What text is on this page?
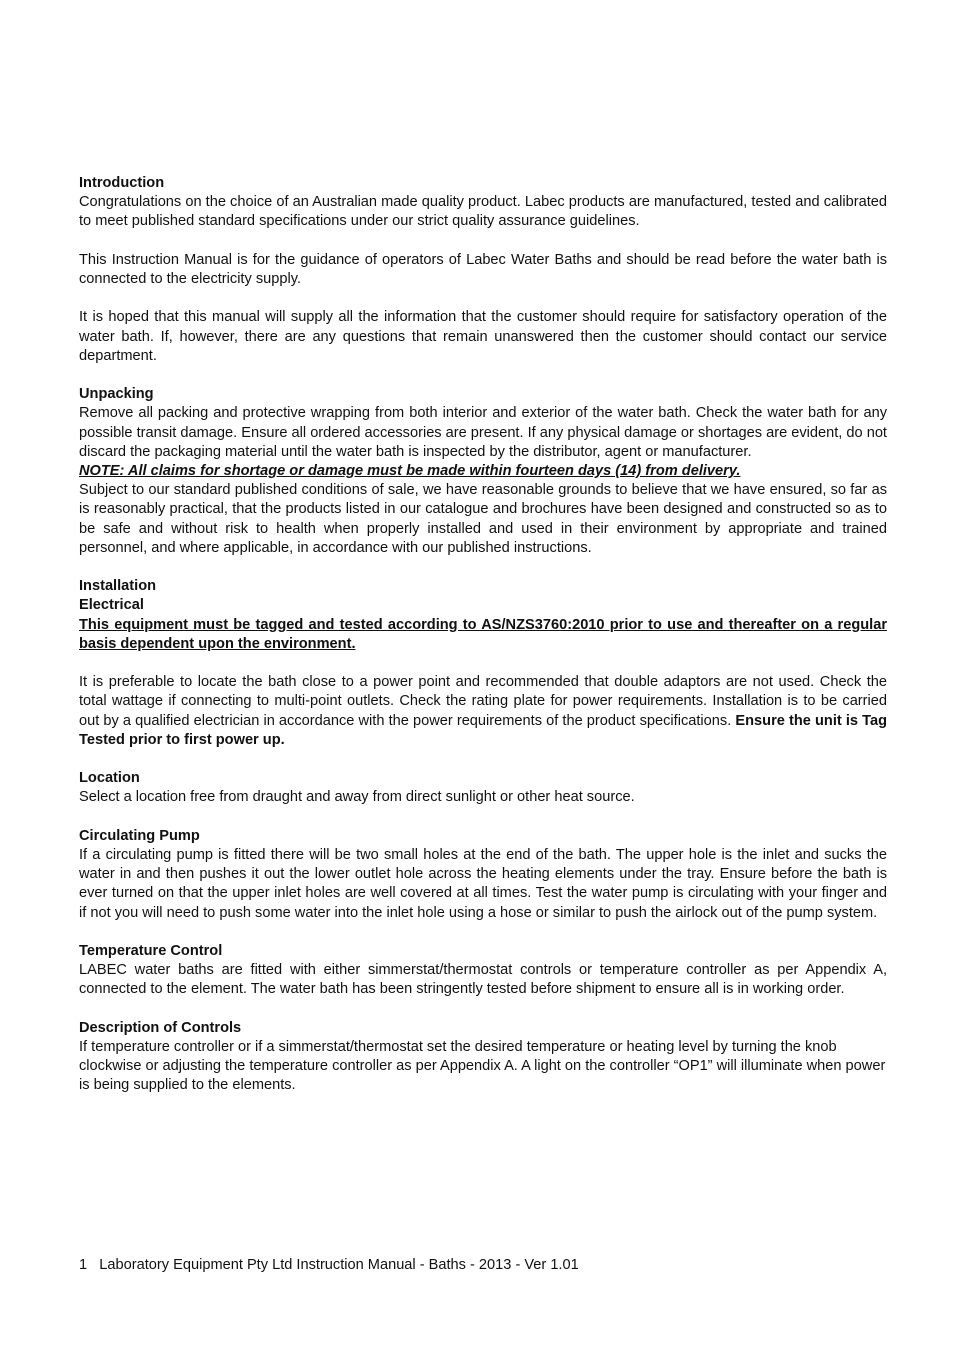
Introduction

Congratulations on the choice of an Australian made quality product. Labec products are manufactured, tested and calibrated to meet published standard specifications under our strict quality assurance guidelines.

This Instruction Manual is for the guidance of operators of Labec Water Baths and should be read before the water bath is connected to the electricity supply.

It is hoped that this manual will supply all the information that the customer should require for satisfactory operation of the water bath. If, however, there are any questions that remain unanswered then the customer should contact our service department.

Unpacking

Remove all packing and protective wrapping from both interior and exterior of the water bath. Check the water bath for any possible transit damage. Ensure all ordered accessories are present. If any physical damage or shortages are evident, do not discard the packaging material until the water bath is inspected by the distributor, agent or manufacturer.

NOTE: All claims for shortage or damage must be made within fourteen days (14) from delivery.

Subject to our standard published conditions of sale, we have reasonable grounds to believe that we have ensured, so far as is reasonably practical, that the products listed in our catalogue and brochures have been designed and constructed so as to be safe and without risk to health when properly installed and used in their environment by appropriate and trained personnel, and where applicable, in accordance with our published instructions.

Installation

Electrical

This equipment must be tagged and tested according to AS/NZS3760:2010 prior to use and thereafter on a regular basis dependent upon the environment.

It is preferable to locate the bath close to a power point and recommended that double adaptors are not used. Check the total wattage if connecting to multi-point outlets. Check the rating plate for power requirements. Installation is to be carried out by a qualified electrician in accordance with the power requirements of the product specifications. Ensure the unit is Tag Tested prior to first power up.

Location

Select a location free from draught and away from direct sunlight or other heat source.

Circulating Pump

If a circulating pump is fitted there will be two small holes at the end of the bath. The upper hole is the inlet and sucks the water in and then pushes it out the lower outlet hole across the heating elements under the tray. Ensure before the bath is ever turned on that the upper inlet holes are well covered at all times. Test the water pump is circulating with your finger and if not you will need to push some water into the inlet hole using a hose or similar to push the airlock out of the pump system.

Temperature Control

LABEC water baths are fitted with either simmerstat/thermostat controls or temperature controller as per Appendix A, connected to the element. The water bath has been stringently tested before shipment to ensure all is in working order.

Description of Controls

If temperature controller or if a simmerstat/thermostat set the desired temperature or heating level by turning the knob clockwise or adjusting the temperature controller as per Appendix A. A light on the controller “OP1” will illuminate when power is being supplied to the elements.

1 Laboratory Equipment Pty Ltd Instruction Manual - Baths - 2013 - Ver 1.01
